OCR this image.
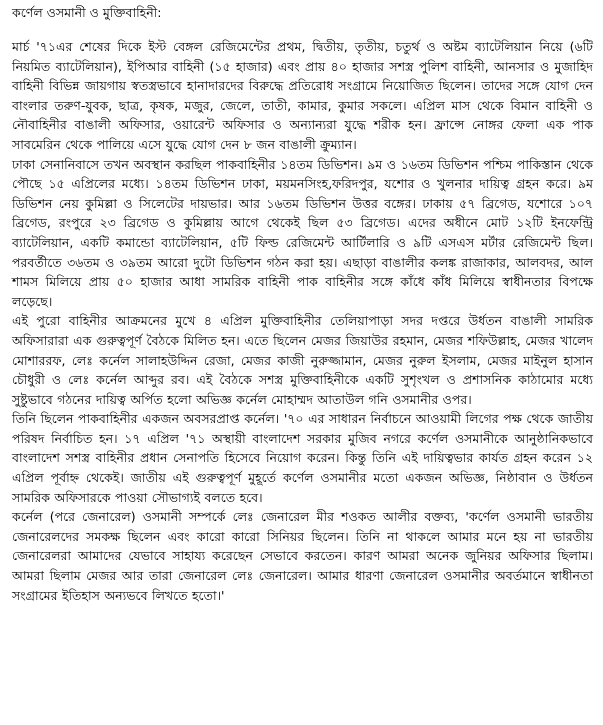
কর্ণেল ওসমানী ও মুক্তিবাহিনী:

মার্চ '৭১এর শেষের দিকে ইস্ট বেঙ্গল রেজিমেন্টের প্রথম, দ্বিতীয়, তৃতীয়, চতুর্থ ও অষ্টম ব্যাটেলিয়ান নিয়ে (৬টি নিয়মিত ব্যাটেলিয়ান), ইপিআর বাহিনী (১৫ হাজার) এবং প্রায় ৪০ হাজার সশস্ত্র পুলিশ বাহিনী, আনসার ও মুজাহিদ বাহিনী বিভিন্ন জায়গায় স্বতস্ত্রভাবে হানাদারদের বিরুদ্ধে প্রতিরোধ সংগ্রামে নিয়োজিত ছিলেন। তাদের সঙ্গে যোগ দেন বাংলার তরুণ-যুবক, ছাত্র, কৃষক, মজুর, জেলে, তাতী, কামার, কুমার সকলে। এপ্রিল মাস থেকে বিমান বাহিনী ও নৌবাহিনীর বাঙালী অফিসার, ওয়ারেন্ট অফিসার ও অন্যান্যরা যুদ্ধে শরীক হন। ফ্রান্সে নোঙ্গর ফেলা এক পাক সাবমেরিন থেকে পালিয়ে এসে যুদ্ধে যোগ দেন ৮ জন বাঙালী ক্রুম্যান।

ঢাকা সেনানিবাসে তখন অবস্থান করছিল পাকবাহিনীর ১৪তম ডিভিশন। ৯ম ও ১৬তম ডিভিশন পশ্চিম পাকিস্তান থেকে পৌছে ১৫ এপ্রিলের মধ্যে। ১৪তম ডিভিশন ঢাকা, ময়মনসিংহ,ফরিদপুর, যশোর ও খুলনার দায়িত্ব গ্রহন করে। ৯ম ডিভিশন নেয় কুমিল্লা ও সিলেটের দায়ভার। আর ১৬তম ডিভিশন উত্তর বঙ্গের। ঢাকায় ৫৭ ব্রিগেড, যশোরে ১০৭ ব্রিগেড, রংপুরে ২৩ ব্রিগেড ও কুমিল্লায় আগে থেকেই ছিল ৫৩ ব্রিগেড। এদের অধীনে মোট ১২টি ইনফেন্ট্রি ব্যাটেলিয়ান, একটি কমান্ডো ব্যাটেলিয়ান, ৫টি ফিল্ড রেজিমেন্ট আর্টিলারি ও ৯টি এসএস মর্টার রেজিমেন্ট ছিল। পরবর্তীতে ৩৬তম ও ৩৯তম আরো দুটো ডিভিশন গঠন করা হয়। এছাড়া বাঙালীর কলঙ্ক রাজাকার, আলবদর, আল শামস মিলিয়ে প্রায় ৫০ হাজার আধা সামরিক বাহিনী পাক বাহিনীর সঙ্গে কাঁধে কাঁধ মিলিয়ে স্বাধীনতার বিপক্ষে লড়েছে।

এই পুরো বাহিনীর আক্রমনের মুখে ৪ এপ্রিল মুক্তিবাহিনীর তেলিয়াপাড়া সদর দপ্তরে উর্ধতন বাঙালী সামরিক অফিসারারা এক গুরুত্বপূর্ণ বৈঠকে মিলিত হন। এতে ছিলেন মেজর জিয়াউর রহমান, মেজর শফিউল্লাহ, মেজর খালেদ মোশাররফ, লেঃ কর্নেল সালাহউদ্দিন রেজা, মেজর কাজী নুরুজ্জামান, মেজর নুরুল ইসলাম, মেজর মাইনুল হাসান চৌধুরী ও লেঃ কর্নেল আব্দুর রব। এই বৈঠকে সশস্ত্র মুক্তিবাহিনীকে একটি সুশৃংখল ও প্রশাসনিক কাঠামোর মধ্যে সুষ্টুভাবে গঠনের দায়িত্ব অর্পিত হলো অভিজ্ঞ কর্নেল মোহাম্মদ আতাউল গনি ওসমানীর ওপর।

তিনি ছিলেন পাকবাহিনীর একজন অবসরপ্রাপ্ত কর্নেল। '৭০ এর সাধারন নির্বাচনে আওয়ামী লিগের পক্ষ থেকে জাতীয় পরিষদ নির্বাচিত হন। ১৭ এপ্রিল '৭১ অস্থায়ী বাংলাদেশ সরকার মুজিব নগরে কর্ণেল ওসমানীকে আনুষ্ঠানিকভাবে বাংলাদেশ সশস্ত্র বাহিনীর প্রধান সেনাপতি হিসেবে নিয়োগ করেন। কিন্তু তিনি এই দায়িত্বভার কার্যত গ্রহন করেন ১২ এপ্রিল পূর্বাহ্ন থেকেই। জাতীয় এই গুরুত্বপূর্ণ মুহূর্তে কর্ণেল ওসমানীর মতো একজন অভিজ্ঞ, নিষ্ঠাবান ও উর্ধতন সামরিক অফিসারকে পাওয়া সৌভাগ্যই বলতে হবে।

কর্নেল (পরে জেনারেল) ওসমানী সম্পর্কে লেঃ জেনারেল মীর শওকত আলীর বক্তব্য, 'কর্ণেল ওসমানী ভারতীয় জেনারেলদের সমকক্ষ ছিলেন এবং কারো কারো সিনিয়র ছিলেন। তিনি না থাকলে আমার মনে হয় না ভারতীয় জেনারেলরা আমাদের যেভাবে সাহায্য করেছেন সেভাবে করতেন। কারণ আমরা অনেক জুনিয়র অফিসার ছিলাম। আমরা ছিলাম মেজর আর তারা জেনারেল লেঃ জেনারেল। আমার ধারণা জেনারেল ওসমানীর অবর্তমানে স্বাধীনতা সংগ্রামের ইতিহাস অন্যভবে লিখতে হতো।'
